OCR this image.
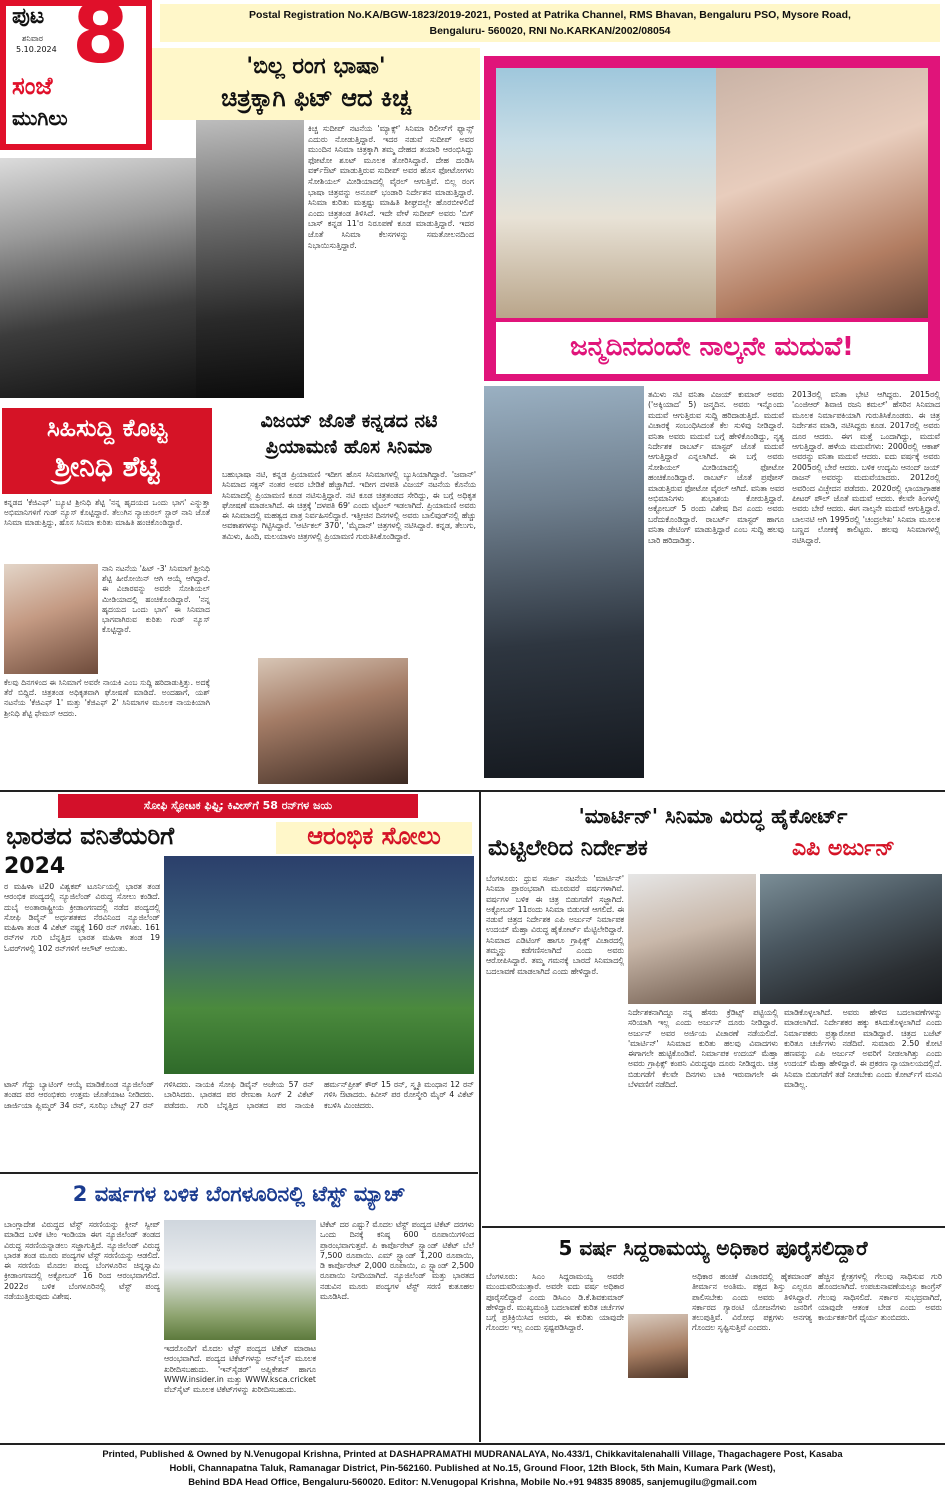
ಪುಟ
ಶನಿವಾರ
5.10.2024 8
ಸಂಜೆ
ಮುಗಿಲು
Postal Registration No.KA/BGW-1823/2019-2021, Posted at Patrika Channel, RMS Bhavan, Bengaluru PSO, Mysore Road,
Bengaluru- 560020, RNI No.KARKAN/2002/08054
'ಬಿಲ್ಲ ರಂಗ ಭಾಷಾ'
ಚಿತ್ರಕ್ಕಾಗಿ ಫಿಟ್ ಆದ ಕಿಚ್ಚ
ಕಿಚ್ಚ ಸುದೀಪ್ ನಟನೆಯ 'ಮ್ಯಾಕ್ಸ್' ಸಿನಿಮಾ ರಿಲೀಸ್‌ಗೆ ಫ್ಯಾನ್ಸ್ ಎದುರು ನೋಡುತ್ತಿದ್ದಾರೆ. ಇದರ ನಡುವೆ ಸುದೀಪ್ ಅವರ ಮುಂದಿನ ಸಿನಿಮಾ ಚಿತ್ರಕ್ಕಾಗಿ ತಮ್ಮ ದೇಹದ ತಯಾರಿ ಆರಂಭಿಸಿದ್ದು ಫೋಟೋ ಶೂಟ್ ಮೂಲಕ ತೋರಿಸಿದ್ದಾರೆ. ದೇಹ ದಂಡಿಸಿ ವರ್ಕ್‌ಔಟ್ ಮಾಡುತ್ತಿರುವ ಸುದೀಪ್ ಅವರ ಹೊಸ ಫೋಟೋಗಳು ಸೋಶಿಯಲ್ ಮೀಡಿಯಾದಲ್ಲಿ ವೈರಲ್ ಆಗುತ್ತಿವೆ. ಬಿಲ್ಲ ರಂಗ ಭಾಷಾ ಚಿತ್ರವನ್ನು ಅನೂಪ್ ಭಂಡಾರಿ ನಿರ್ದೇಶನ ಮಾಡುತ್ತಿದ್ದಾರೆ. ಸಿನಿಮಾ ಕುರಿತು ಮತ್ತಷ್ಟು ಮಾಹಿತಿ ಶೀಘ್ರದಲ್ಲೇ ಹೊರಬೀಳಲಿದೆ ಎಂದು ಚಿತ್ರತಂಡ ತಿಳಿಸಿದೆ. ಇದೇ ವೇಳೆ ಸುದೀಪ್ ಅವರು 'ಬಿಗ್ ಬಾಸ್ ಕನ್ನಡ 11'ರ ನಿರೂಪಣೆ ಕೂಡ ಮಾಡುತ್ತಿದ್ದಾರೆ. ಇದರ ಜೊತೆ ಸಿನಿಮಾ ಕೆಲಸಗಳನ್ನು ಸಮತೋಲನದಿಂದ ನಿಭಾಯಿಸುತ್ತಿದ್ದಾರೆ.
ಜನ್ಮದಿನದಂದೇ ನಾಲ್ಕನೇ ಮದುವೆ!
ತಮಿಳು ನಟಿ ವನಿತಾ ವಿಜಯ್ ಕುಮಾರ್ ಅವರು ('ಅಕ್ಕಿಯಾದ' 5) ಜನ್ಮದಿನ. ಅವರು ಇನ್ನೊಂದು ಮದುವೆ ಆಗುತ್ತಿರುವ ಸುದ್ದಿ ಹರಿದಾಡುತ್ತಿದೆ. ಮದುವೆ ವಿಚಾರಕ್ಕೆ ಸಂಬಂಧಿಸಿದಂತೆ ಕೆಲ ಸುಳಿವು ನೀಡಿದ್ದಾರೆ. ವನಿತಾ ಅವರು ಮದುವೆ ಬಗ್ಗೆ ಹೇಳಿಕೊಂಡಿದ್ದು, ನೃತ್ಯ ನಿರ್ದೇಶಕ ರಾಬರ್ಟ್ ಮಾಸ್ಟರ್ ಜೊತೆ ಮದುವೆ ಆಗುತ್ತಿದ್ದಾರೆ ಎನ್ನಲಾಗಿದೆ. ಈ ಬಗ್ಗೆ ಅವರು ಸೋಶಿಯಲ್ ಮೀಡಿಯಾದಲ್ಲಿ ಫೋಟೋ ಹಂಚಿಕೊಂಡಿದ್ದಾರೆ. ರಾಬರ್ಟ್ ಜೊತೆ ಪ್ರಪೋಸ್ ಮಾಡುತ್ತಿರುವ ಫೋಟೋ ವೈರಲ್ ಆಗಿದೆ. ವನಿತಾ ಅವರ ಅಭಿಮಾನಿಗಳು ಶುಭಾಶಯ ಕೋರುತ್ತಿದ್ದಾರೆ. ಅಕ್ಟೋಬರ್ 5 ರಂದು ವಿಶೇಷ ದಿನ ಎಂದು ಅವರು ಬರೆದುಕೊಂಡಿದ್ದಾರೆ. ರಾಬರ್ಟ್ ಮಾಸ್ಟರ್ ಹಾಗೂ ವನಿತಾ ಡೇಟಿಂಗ್ ಮಾಡುತ್ತಿದ್ದಾರೆ ಎಂಬ ಸುದ್ದಿ ಹಲವು ಬಾರಿ ಹರಿದಾಡಿತ್ತು.
2013ರಲ್ಲಿ ವನಿತಾ ಭೇಟಿ ಆಗಿದ್ದರು. 2015ರಲ್ಲಿ 'ಎಂಜಿಆರ್ ಶಿವಾಜಿ ರಜನಿ ಕಮಲ್' ಹೆಸರಿನ ಸಿನಿಮಾದ ಮೂಲಕ ನಿರ್ಮಾಪಕಿಯಾಗಿ ಗುರುತಿಸಿಕೊಂಡರು. ಈ ಚಿತ್ರ ನಿರ್ದೇಶನ ಮಾಡಿ, ನಟಿಸಿದ್ದರು ಕೂಡ. 2017ರಲ್ಲಿ ಅವರು ದೂರ ಆದರು. ಈಗ ಮತ್ತೆ ಒಂದಾಗಿದ್ದು, ಮದುವೆ ಆಗುತ್ತಿದ್ದಾರೆ. ಹಳೆಯ ಮದುವೆಗಳು: 2000ರಲ್ಲಿ ಆಕಾಶ್ ಅವರನ್ನು ವನಿತಾ ಮದುವೆ ಆದರು. ಐದು ವರ್ಷಕ್ಕೆ ಅವರು 2005ರಲ್ಲಿ ಬೇರೆ ಆದರು. ಬಳಿಕ ಉದ್ಯಮಿ ಆನಂದ್ ಜಯ್ ರಾಜನ್ ಅವರನ್ನು ಮದುವೆಯಾದರು. 2012ರಲ್ಲಿ ಅವರಿಂದ ವಿಚ್ಛೇದನ ಪಡೆದರು. 2020ರಲ್ಲಿ ಛಾಯಾಗ್ರಾಹಕ ಪೀಟರ್ ಪೌಲ್ ಜೊತೆ ಮದುವೆ ಆದರು. ಕೆಲವೇ ತಿಂಗಳಲ್ಲಿ ಅವರು ಬೇರೆ ಆದರು. ಈಗ ನಾಲ್ಕನೇ ಮದುವೆ ಆಗುತ್ತಿದ್ದಾರೆ. ಬಾಲನಟಿ ಆಗಿ 1995ರಲ್ಲಿ 'ಚಂದ್ರಲೇಖ' ಸಿನಿಮಾ ಮೂಲಕ ಬಣ್ಣದ ಲೋಕಕ್ಕೆ ಕಾಲಿಟ್ಟರು. ಹಲವು ಸಿನಿಮಾಗಳಲ್ಲಿ ನಟಿಸಿದ್ದಾರೆ.
ಸಿಹಿಸುದ್ದಿ ಕೊಟ್ಟ
ಶ್ರೀನಿಧಿ ಶೆಟ್ಟಿ
ಕನ್ನಡದ 'ಕೆಜಿಎಫ್' ಬ್ಯೂಟಿ ಶ್ರೀನಿಧಿ ಶೆಟ್ಟಿ 'ನನ್ನ ಹೃದಯದ ಒಂದು ಭಾಗ' ಎನ್ನುತ್ತಾ ಅಭಿಮಾನಿಗಳಿಗೆ ಗುಡ್ ನ್ಯೂಸ್ ಕೊಟ್ಟಿದ್ದಾರೆ. ತೆಲುಗಿನ ನ್ಯಾಚುರಲ್ ಸ್ಟಾರ್ ನಾನಿ ಜೊತೆ ಸಿನಿಮಾ ಮಾಡುತ್ತಿದ್ದು, ಹೊಸ ಸಿನಿಮಾ ಕುರಿತು ಮಾಹಿತಿ ಹಂಚಿಕೊಂಡಿದ್ದಾರೆ.
ನಾನಿ ನಟನೆಯ 'ಹಿಟ್ -3' ಸಿನಿಮಾಗೆ ಶ್ರೀನಿಧಿ ಶೆಟ್ಟಿ ಹೀರೋಯಿನ್ ಆಗಿ ಆಯ್ಕೆ ಆಗಿದ್ದಾರೆ. ಈ ವಿಚಾರವನ್ನು ಅವರೇ ಸೋಶಿಯಲ್ ಮೀಡಿಯಾದಲ್ಲಿ ಹಂಚಿಕೊಂಡಿದ್ದಾರೆ. 'ನನ್ನ ಹೃದಯದ ಒಂದು ಭಾಗ' ಈ ಸಿನಿಮಾದ ಭಾಗವಾಗಿರುವ ಕುರಿತು ಗುಡ್ ನ್ಯೂಸ್ ಕೊಟ್ಟಿದ್ದಾರೆ.
ಕೆಲವು ದಿನಗಳಿಂದ ಈ ಸಿನಿಮಾಗೆ ಅವರೇ ನಾಯಕಿ ಎಂಬ ಸುದ್ದಿ ಹರಿದಾಡುತ್ತಿತ್ತು. ಅದಕ್ಕೆ ತೆರೆ ಬಿದ್ದಿದೆ. ಚಿತ್ರತಂಡ ಅಧಿಕೃತವಾಗಿ ಘೋಷಣೆ ಮಾಡಿದೆ. ಅಂದಹಾಗೆ, ಯಶ್ ನಟನೆಯ 'ಕೆಜಿಎಫ್ 1' ಮತ್ತು 'ಕೆಜಿಎಫ್ 2' ಸಿನಿಮಾಗಳ ಮೂಲಕ ನಾಯಕಿಯಾಗಿ ಶ್ರೀನಿಧಿ ಶೆಟ್ಟಿ ಫೇಮಸ್ ಆದರು.
ವಿಜಯ್ ಜೊತೆ ಕನ್ನಡದ ನಟಿ
ಪ್ರಿಯಾಮಣಿ ಹೊಸ ಸಿನಿಮಾ
ಬಹುಭಾಷಾ ನಟಿ, ಕನ್ನಡ ಪ್ರಿಯಾಮಣಿ ಇದೀಗ ಹೊಸ ಸಿನಿಮಾಗಳಲ್ಲಿ ಬ್ಯುಸಿಯಾಗಿದ್ದಾರೆ. 'ಜವಾನ್' ಸಿನಿಮಾದ ಸಕ್ಸಸ್ ನಂತರ ಅವರ ಬೇಡಿಕೆ ಹೆಚ್ಚಾಗಿದೆ. ಇದೀಗ ದಳಪತಿ ವಿಜಯ್ ನಟನೆಯ ಕೊನೆಯ ಸಿನಿಮಾದಲ್ಲಿ ಪ್ರಿಯಾಮಣಿ ಕೂಡ ನಟಿಸುತ್ತಿದ್ದಾರೆ. ನಟಿ ಕೂಡ ಚಿತ್ರತಂಡದ ಸೇರಿದ್ದು, ಈ ಬಗ್ಗೆ ಅಧಿಕೃತ ಘೋಷಣೆ ಮಾಡಲಾಗಿದೆ. ಈ ಚಿತ್ರಕ್ಕೆ 'ದಳಪತಿ 69' ಎಂದು ಟೈಟಲ್ ಇಡಲಾಗಿದೆ. ಪ್ರಿಯಾಮಣಿ ಅವರು ಈ ಸಿನಿಮಾದಲ್ಲಿ ಮಹತ್ವದ ಪಾತ್ರ ನಿರ್ವಹಿಸಲಿದ್ದಾರೆ. ಇತ್ತೀಚಿನ ದಿನಗಳಲ್ಲಿ ಅವರು ಬಾಲಿವುಡ್‌ನಲ್ಲಿ ಹೆಚ್ಚು ಅವಕಾಶಗಳನ್ನು ಗಿಟ್ಟಿಸಿದ್ದಾರೆ. 'ಆರ್ಟಿಕಲ್ 370', 'ಮೈದಾನ್' ಚಿತ್ರಗಳಲ್ಲಿ ನಟಿಸಿದ್ದಾರೆ. ಕನ್ನಡ, ತೆಲುಗು, ತಮಿಳು, ಹಿಂದಿ, ಮಲಯಾಳಂ ಚಿತ್ರಗಳಲ್ಲಿ ಪ್ರಿಯಾಮಣಿ ಗುರುತಿಸಿಕೊಂಡಿದ್ದಾರೆ.
ಸೋಫಿ ಸ್ಫೋಟಕ ಫಿಫ್ಟಿ; ಕಿವೀಸ್‌ಗೆ 58 ರನ್‌ಗಳ ಜಯ
ಭಾರತದ ವನಿತೆಯರಿಗೆ	ಆರಂಭಿಕ ಸೋಲು
2024
ರ ಮಹಿಳಾ ಟಿ20 ವಿಶ್ವಕಪ್ ಟೂರ್ನಿಯಲ್ಲಿ ಭಾರತ ತಂಡ ಆರಂಭಿಕ ಪಂದ್ಯದಲ್ಲಿ ನ್ಯೂಜಿಲೆಂಡ್ ವಿರುದ್ಧ ಸೋಲು ಕಂಡಿದೆ. ದುಬೈ ಅಂತಾರಾಷ್ಟ್ರೀಯ ಕ್ರೀಡಾಂಗಣದಲ್ಲಿ ನಡೆದ ಪಂದ್ಯದಲ್ಲಿ ಸೋಫಿ ಡಿವೈನ್ ಅರ್ಧಶತಕದ ನೆರವಿನಿಂದ ನ್ಯೂಜಿಲೆಂಡ್ ಮಹಿಳಾ ತಂಡ 4 ವಿಕೆಟ್ ನಷ್ಟಕ್ಕೆ 160 ರನ್ ಗಳಿಸಿತು. 161 ರನ್‌ಗಳ ಗುರಿ ಬೆನ್ನತ್ತಿದ ಭಾರತ ಮಹಿಳಾ ತಂಡ 19 ಓವರ್‌ಗಳಲ್ಲಿ 102 ರನ್‌ಗಳಿಗೆ ಆಲೌಟ್ ಆಯಿತು.
ಟಾಸ್ ಗೆದ್ದು ಬ್ಯಾಟಿಂಗ್ ಆಯ್ಕೆ ಮಾಡಿಕೊಂಡ ನ್ಯೂಜಿಲೆಂಡ್ ತಂಡದ ಪರ ಆರಂಭಿಕರು ಉತ್ತಮ ಜೊತೆಯಾಟ ನೀಡಿದರು. ಜಾರ್ಜಿಯಾ ಪ್ಲಿಮ್ಮರ್ 34 ರನ್, ಸೂಝಿ ಬೇಟ್ಸ್ 27 ರನ್ ಗಳಿಸಿದರು. ನಾಯಕಿ ಸೋಫಿ ಡಿವೈನ್ ಅಜೇಯ 57 ರನ್ ಬಾರಿಸಿದರು. ಭಾರತದ ಪರ ರೇಣುಕಾ ಸಿಂಗ್ 2 ವಿಕೆಟ್ ಪಡೆದರು. ಗುರಿ ಬೆನ್ನತ್ತಿದ ಭಾರತದ ಪರ ನಾಯಕಿ ಹರ್ಮನ್‌ಪ್ರೀತ್ ಕೌರ್ 15 ರನ್, ಸ್ಮೃತಿ ಮಂಧಾನ 12 ರನ್ ಗಳಿಸಿ ಔಟಾದರು. ಕಿವೀಸ್ ಪರ ರೋಸ್ಮೇರಿ ಮೈರ್ 4 ವಿಕೆಟ್ ಕಬಳಿಸಿ ಮಿಂಚಿದರು.
2 ವರ್ಷಗಳ ಬಳಿಕ ಬೆಂಗಳೂರಿನಲ್ಲಿ ಟೆಸ್ಟ್ ಮ್ಯಾಚ್
ಬಾಂಗ್ಲಾದೇಶ ವಿರುದ್ಧದ ಟೆಸ್ಟ್ ಸರಣಿಯನ್ನು ಕ್ಲೀನ್ ಸ್ವೀಪ್ ಮಾಡಿದ ಬಳಿಕ ಟೀಂ ಇಂಡಿಯಾ ಈಗ ನ್ಯೂಜಿಲೆಂಡ್ ತಂಡದ ವಿರುದ್ಧ ಸರಣಿಯನ್ನಾಡಲು ಸಜ್ಜಾಗುತ್ತಿದೆ. ನ್ಯೂಜಿಲೆಂಡ್ ವಿರುದ್ಧ ಭಾರತ ತಂಡ ಮೂರು ಪಂದ್ಯಗಳ ಟೆಸ್ಟ್ ಸರಣಿಯನ್ನು ಆಡಲಿದೆ. ಈ ಸರಣಿಯ ಮೊದಲ ಪಂದ್ಯ ಬೆಂಗಳೂರಿನ ಚಿನ್ನಸ್ವಾಮಿ ಕ್ರೀಡಾಂಗಣದಲ್ಲಿ ಅಕ್ಟೋಬರ್ 16 ರಿಂದ ಆರಂಭವಾಗಲಿದೆ. 2022ರ ಬಳಿಕ ಬೆಂಗಳೂರಿನಲ್ಲಿ ಟೆಸ್ಟ್ ಪಂದ್ಯ ನಡೆಯುತ್ತಿರುವುದು ವಿಶೇಷ.
ಇದರೊಂದಿಗೆ ಮೊದಲ ಟೆಸ್ಟ್ ಪಂದ್ಯದ ಟಿಕೆಟ್ ಮಾರಾಟ ಆರಂಭವಾಗಿದೆ. ಪಂದ್ಯದ ಟಿಕೆಟ್‌ಗಳನ್ನು ಆನ್‌ಲೈನ್ ಮೂಲಕ ಖರೀದಿಸಬಹುದು. 'ಇನ್‌ಸೈಡರ್' ಅಪ್ಲಿಕೇಶನ್ ಹಾಗೂ WWW.insider.in ಮತ್ತು WWW.ksca.cricket ವೆಬ್‌ಸೈಟ್ ಮೂಲಕ ಟಿಕೆಟ್‌ಗಳನ್ನು ಖರೀದಿಸಬಹುದು.
ಟಿಕೆಟ್ ದರ ಎಷ್ಟು? ಮೊದಲ ಟೆಸ್ಟ್ ಪಂದ್ಯದ ಟಿಕೆಟ್ ದರಗಳು ಒಂದು ದಿನಕ್ಕೆ ಕನಿಷ್ಠ 600 ರೂಪಾಯಿಗಳಿಂದ ಪ್ರಾರಂಭವಾಗುತ್ತವೆ. ಪಿ ಕಾರ್ಪೊರೇಟ್ ಸ್ಟ್ಯಾಂಡ್ ಟಿಕೆಟ್ ಬೆಲೆ 7,500 ರೂಪಾಯಿ. ಎಮ್ ಸ್ಟ್ಯಾಂಡ್ 1,200 ರೂಪಾಯಿ, ಡಿ ಕಾರ್ಪೊರೇಟ್ 2,000 ರೂಪಾಯಿ, ಎ ಸ್ಟ್ಯಾಂಡ್ 2,500 ರೂಪಾಯಿ ನಿಗದಿಯಾಗಿದೆ. ನ್ಯೂಜಿಲೆಂಡ್ ಮತ್ತು ಭಾರತದ ನಡುವಿನ ಮೂರು ಪಂದ್ಯಗಳ ಟೆಸ್ಟ್ ಸರಣಿ ಕುತೂಹಲ ಮೂಡಿಸಿದೆ.
'ಮಾರ್ಟಿನ್' ಸಿನಿಮಾ ವಿರುದ್ಧ ಹೈಕೋರ್ಟ್
ಮೆಟ್ಟಿಲೇರಿದ ನಿರ್ದೇಶಕ	ಎಪಿ ಅರ್ಜುನ್
ಬೆಂಗಳೂರು: ಧ್ರುವ ಸರ್ಜಾ ನಟನೆಯ 'ಮಾರ್ಟಿನ್' ಸಿನಿಮಾ ಪ್ರಾರಂಭವಾಗಿ ಮೂರುವರೆ ವರ್ಷಗಳಾಗಿವೆ. ವರ್ಷಗಳ ಬಳಿಕ ಈ ಚಿತ್ರ ಬಿಡುಗಡೆಗೆ ಸಜ್ಜಾಗಿದೆ. ಅಕ್ಟೋಬರ್ 11ರಂದು ಸಿನಿಮಾ ಬಿಡುಗಡೆ ಆಗಲಿದೆ. ಈ ನಡುವೆ ಚಿತ್ರದ ನಿರ್ದೇಶಕ ಎಪಿ ಅರ್ಜುನ್ ನಿರ್ಮಾಪಕ ಉದಯ್ ಮೆಹ್ತಾ ವಿರುದ್ಧ ಹೈಕೋರ್ಟ್ ಮೆಟ್ಟಿಲೇರಿದ್ದಾರೆ. ಸಿನಿಮಾದ ಎಡಿಟಿಂಗ್ ಹಾಗೂ ಗ್ರಾಫಿಕ್ಸ್ ವಿಚಾರದಲ್ಲಿ ತಮ್ಮನ್ನು ಕಡೆಗಣಿಸಲಾಗಿದೆ ಎಂದು ಅವರು ಆರೋಪಿಸಿದ್ದಾರೆ. ತಮ್ಮ ಗಮನಕ್ಕೆ ಬಾರದೆ ಸಿನಿಮಾದಲ್ಲಿ ಬದಲಾವಣೆ ಮಾಡಲಾಗಿದೆ ಎಂದು ಹೇಳಿದ್ದಾರೆ.
ನಿರ್ದೇಶಕನಾಗಿದ್ದೂ ನನ್ನ ಹೆಸರು ಕ್ರೆಡಿಟ್ಸ್ ಪಟ್ಟಿಯಲ್ಲಿ ಸರಿಯಾಗಿ ಇಲ್ಲ ಎಂದು ಅರ್ಜುನ್ ದೂರು ನೀಡಿದ್ದಾರೆ. ಅರ್ಜುನ್ ಅವರ ಅರ್ಜಿಯ ವಿಚಾರಣೆ ನಡೆಯಲಿದೆ. 'ಮಾರ್ಟಿನ್' ಸಿನಿಮಾದ ಕುರಿತು ಹಲವು ವಿವಾದಗಳು ಈಗಾಗಲೇ ಹುಟ್ಟಿಕೊಂಡಿವೆ. ನಿರ್ಮಾಪಕ ಉದಯ್ ಮೆಹ್ತಾ ಅವರು ಗ್ರಾಫಿಕ್ಸ್ ಕಂಪನಿ ವಿರುದ್ಧವೂ ದೂರು ನೀಡಿದ್ದರು. ಚಿತ್ರ ಬಿಡುಗಡೆಗೆ ಕೆಲವೇ ದಿನಗಳು ಬಾಕಿ ಇರುವಾಗಲೇ ಈ ಬೆಳವಣಿಗೆ ನಡೆದಿದೆ.
ಮಾಡಿಕೊಳ್ಳಲಾಗಿದೆ. ಅವರು ಹೇಳಿದ ಬದಲಾವಣೆಗಳನ್ನು ಮಾಡಲಾಗಿದೆ. ನಿರ್ದೇಶಕರ ಹಕ್ಕು ಕಸಿದುಕೊಳ್ಳಲಾಗಿದೆ ಎಂದು ನಿರ್ಮಾಪಕರು ಪ್ರತ್ಯಾರೋಪ ಮಾಡಿದ್ದಾರೆ. ಚಿತ್ರದ ಬಜೆಟ್ ಕುರಿತೂ ಚರ್ಚೆಗಳು ನಡೆದಿವೆ. ಸುಮಾರು 2.50 ಕೋಟಿ ಹಣವನ್ನು ಎಪಿ ಅರ್ಜುನ್ ಅವರಿಗೆ ನೀಡಲಾಗಿತ್ತು ಎಂದು ಉದಯ್ ಮೆಹ್ತಾ ಹೇಳಿದ್ದಾರೆ. ಈ ಪ್ರಕರಣ ನ್ಯಾಯಾಲಯದಲ್ಲಿದೆ. ಸಿನಿಮಾ ಬಿಡುಗಡೆಗೆ ತಡೆ ನೀಡಬೇಕು ಎಂದು ಕೋರ್ಟ್‌ಗೆ ಮನವಿ ಮಾಡಿಲ್ಲ.
5 ವರ್ಷ ಸಿದ್ದರಾಮಯ್ಯ ಅಧಿಕಾರ ಪೂರೈಸಲಿದ್ದಾರೆ
ಬೆಂಗಳೂರು: ಸಿಎಂ ಸಿದ್ದರಾಮಯ್ಯ ಅವರೇ ಮುಂದುವರಿಯುತ್ತಾರೆ. ಅವರೇ ಐದು ವರ್ಷ ಅಧಿಕಾರ ಪೂರೈಸಲಿದ್ದಾರೆ ಎಂದು ಡಿಸಿಎಂ ಡಿ.ಕೆ.ಶಿವಕುಮಾರ್ ಹೇಳಿದ್ದಾರೆ. ಮುಖ್ಯಮಂತ್ರಿ ಬದಲಾವಣೆ ಕುರಿತ ಚರ್ಚೆಗಳ ಬಗ್ಗೆ ಪ್ರತಿಕ್ರಿಯಿಸಿದ ಅವರು, ಈ ಕುರಿತು ಯಾವುದೇ ಗೊಂದಲ ಇಲ್ಲ ಎಂದು ಸ್ಪಷ್ಟಪಡಿಸಿದ್ದಾರೆ.
ಅಧಿಕಾರ ಹಂಚಿಕೆ ವಿಚಾರದಲ್ಲಿ ಹೈಕಮಾಂಡ್ ತೀರ್ಮಾನ ಅಂತಿಮ. ಪಕ್ಷದ ಶಿಸ್ತು ಎಲ್ಲರೂ ಪಾಲಿಸಬೇಕು ಎಂದು ಅವರು ತಿಳಿಸಿದ್ದಾರೆ. ಸರ್ಕಾರದ ಗ್ಯಾರಂಟಿ ಯೋಜನೆಗಳು ಜನರಿಗೆ ತಲುಪುತ್ತಿವೆ. ವಿರೋಧ ಪಕ್ಷಗಳು ಅನಗತ್ಯ ಗೊಂದಲ ಸೃಷ್ಟಿಸುತ್ತಿವೆ ಎಂದರು.
ಹೆಚ್ಚಿನ ಕ್ಷೇತ್ರಗಳಲ್ಲಿ ಗೆಲುವು ಸಾಧಿಸುವ ಗುರಿ ಹೊಂದಲಾಗಿದೆ. ಉಪಚುನಾವಣೆಯಲ್ಲೂ ಕಾಂಗ್ರೆಸ್ ಗೆಲುವು ಸಾಧಿಸಲಿದೆ. ಸರ್ಕಾರ ಸುಭದ್ರವಾಗಿದೆ, ಯಾವುದೇ ಆತಂಕ ಬೇಡ ಎಂದು ಅವರು ಕಾರ್ಯಕರ್ತರಿಗೆ ಧೈರ್ಯ ತುಂಬಿದರು.
Printed, Published & Owned by N.Venugopal Krishna, Printed at DASHAPRAMATHI MUDRANALAYA, No.433/1, Chikkavitalenahalli Village, Thagachagere Post, Kasaba
Hobli, Channapatna Taluk, Ramanagar District, Pin-562160. Published at No.15, Ground Floor, 12th Block, 5th Main, Kumara Park (West),
Behind BDA Head Office, Bengaluru-560020. Editor: N.Venugopal Krishna, Mobile No.+91 94835 89085, sanjemugilu@gmail.com
